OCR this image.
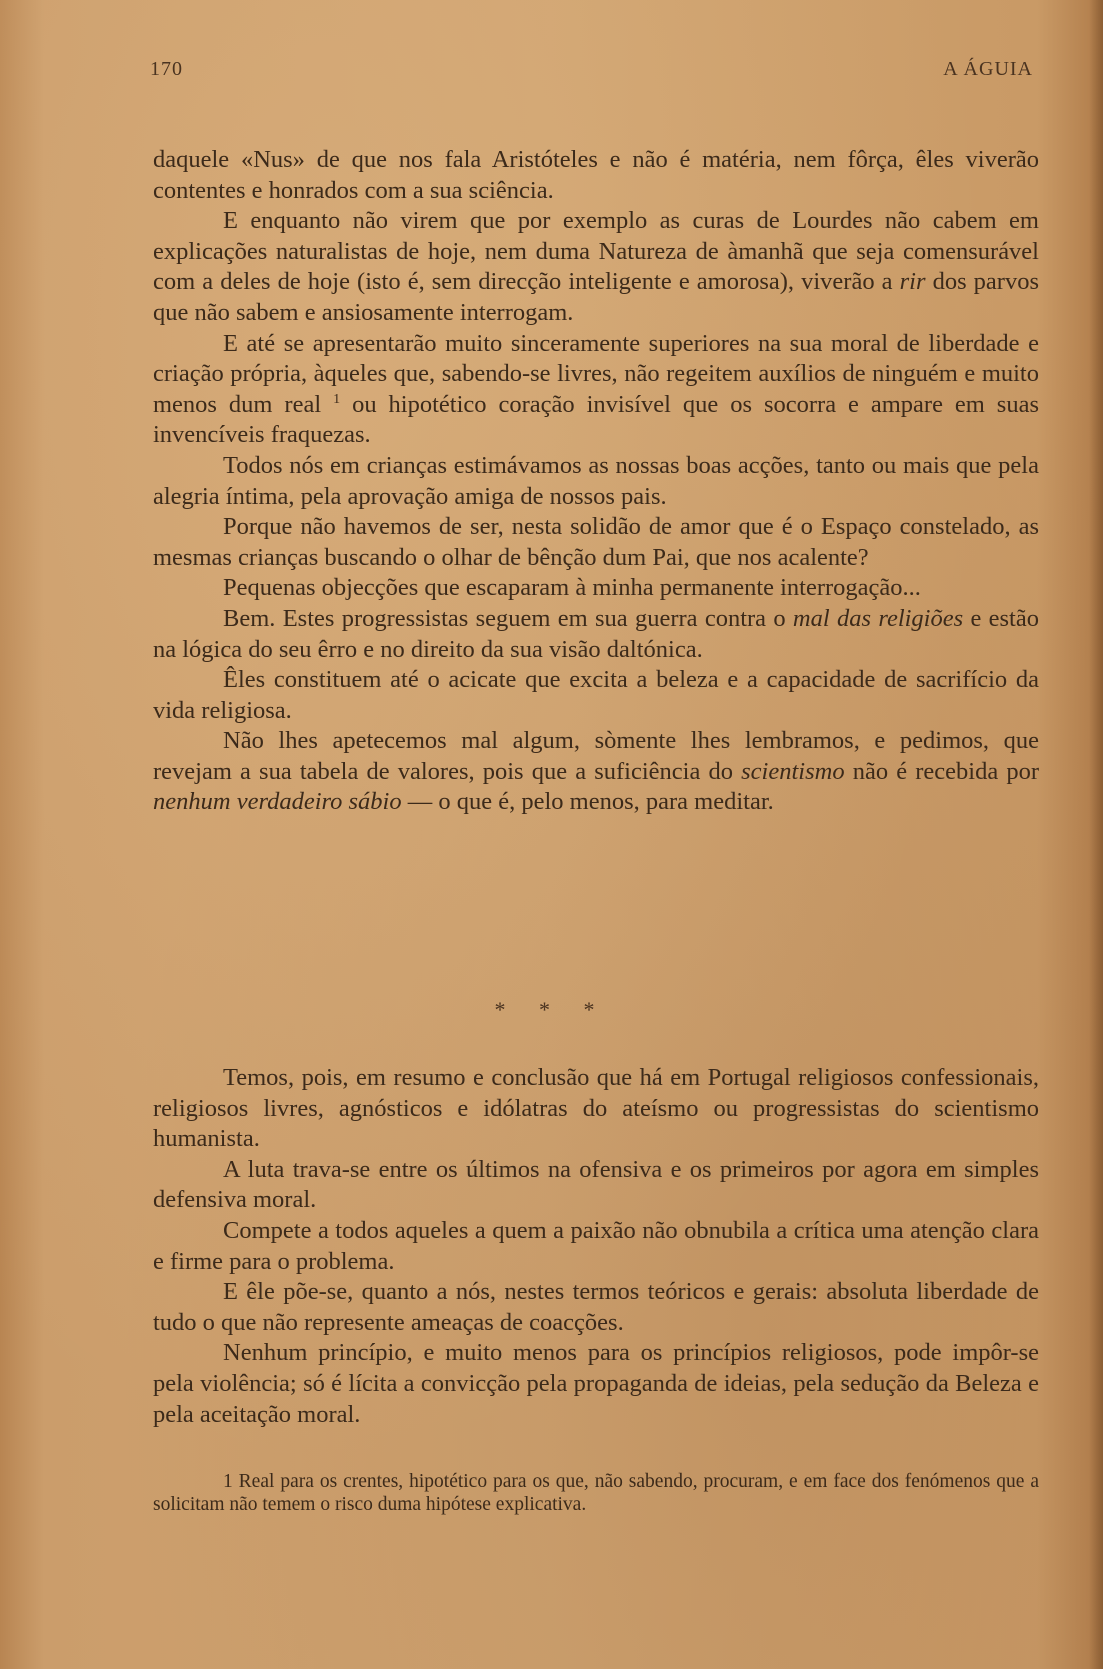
170	A ÁGUIA

daquele «Nus» de que nos fala Aristóteles e não é matéria, nem fôrça, êles viverão contentes e honrados com a sua sciência.

E enquanto não virem que por exemplo as curas de Lourdes não cabem em explicações naturalistas de hoje, nem duma Natureza de àmanhã que seja comensurável com a deles de hoje (isto é, sem direcção inteligente e amorosa), viverão a rir dos parvos que não sabem e ansiosamente interrogam.

E até se apresentarão muito sinceramente superiores na sua moral de liberdade e criação própria, àqueles que, sabendo-se livres, não regeitem auxílios de ninguém e muito menos dum real $^1$ ou hipotético coração invisível que os socorra e ampare em suas invencíveis fraquezas.

Todos nós em crianças estimávamos as nossas boas acções, tanto ou mais que pela alegria íntima, pela aprovação amiga de nossos pais.

Porque não havemos de ser, nesta solidão de amor que é o Espaço constelado, as mesmas crianças buscando o olhar de bênção dum Pai, que nos acalente?

Pequenas objecções que escaparam à minha permanente interrogação...

Bem. Estes progressistas seguem em sua guerra contra o mal das religiões e estão na lógica do seu êrro e no direito da sua visão daltónica.

Êles constituem até o acicate que excita a beleza e a capacidade de sacrifício da vida religiosa.

Não lhes apetecemos mal algum, sòmente lhes lembramos, e pedimos, que revejam a sua tabela de valores, pois que a suficiência do scientismo não é recebida por nenhum verdadeiro sábio — o que é, pelo menos, para meditar.

* * *

Temos, pois, em resumo e conclusão que há em Portugal religiosos confessionais, religiosos livres, agnósticos e idólatras do ateísmo ou progressistas do scientismo humanista.

A luta trava-se entre os últimos na ofensiva e os primeiros por agora em simples defensiva moral.

Compete a todos aqueles a quem a paixão não obnubila a crítica uma atenção clara e firme para o problema.

E êle põe-se, quanto a nós, nestes termos teóricos e gerais: absoluta liberdade de tudo o que não represente ameaças de coacções.

Nenhum princípio, e muito menos para os princípios religiosos, pode impôr-se pela violência; só é lícita a convicção pela propaganda de ideias, pela sedução da Beleza e pela aceitação moral.

1 Real para os crentes, hipotético para os que, não sabendo, procuram, e em face dos fenómenos que a solicitam não temem o risco duma hipótese explicativa.
